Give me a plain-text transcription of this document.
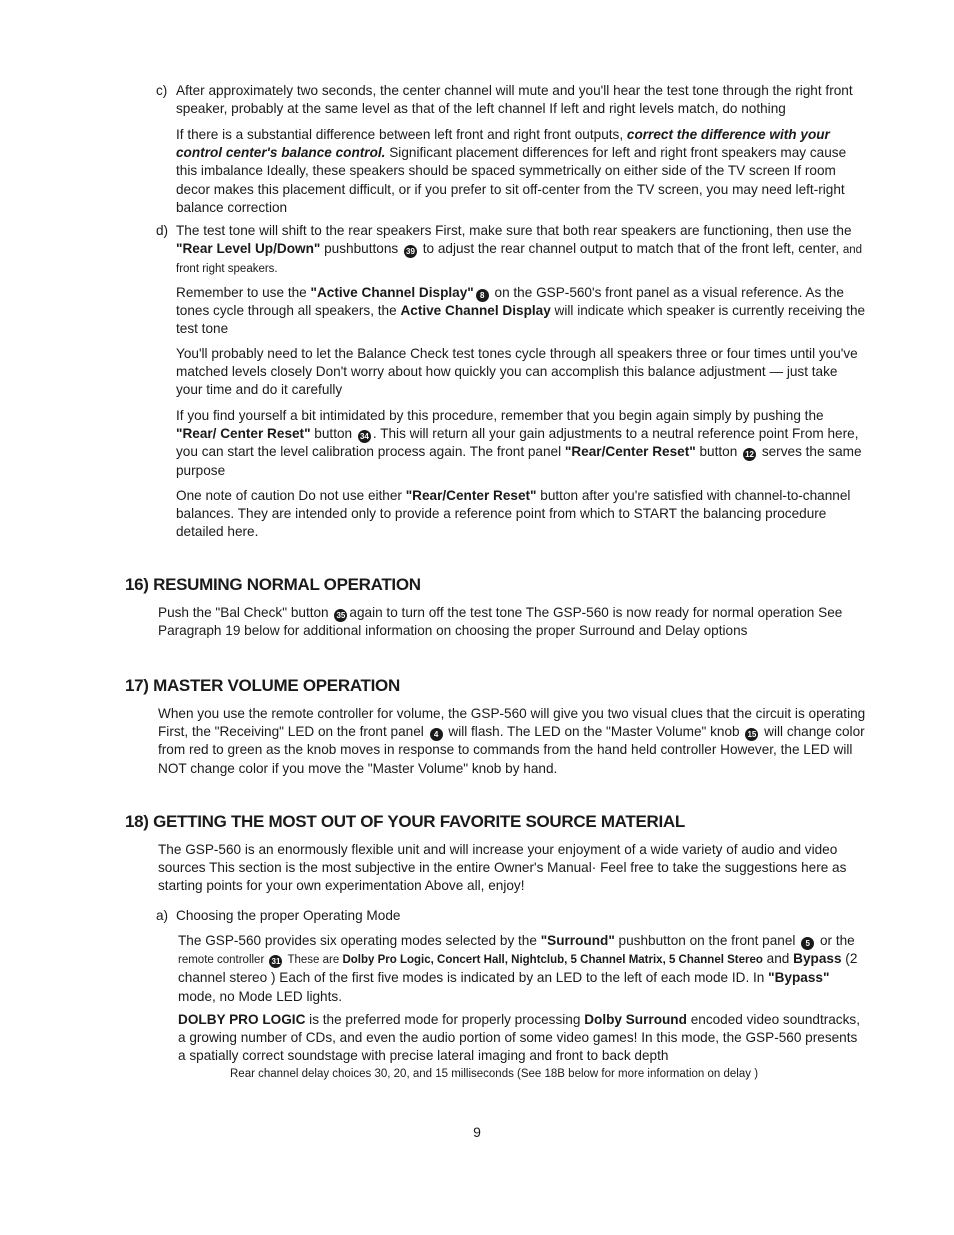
c) After approximately two seconds, the center channel will mute and you'll hear the test tone through the right front speaker, probably at the same level as that of the left channel If left and right levels match, do nothing

If there is a substantial difference between left front and right front outputs, correct the difference with your control center's balance control. Significant placement differences for left and right front speakers may cause this imbalance Ideally, these speakers should be spaced symmetrically on either side of the TV screen If room decor makes this placement difficult, or if you prefer to sit off-center from the TV screen, you may need left-right balance correction

d) The test tone will shift to the rear speakers First, make sure that both rear speakers are functioning, then use the "Rear Level Up/Down" pushbuttons 39 to adjust the rear channel output to match that of the front left, center, and front right speakers.

Remember to use the "Active Channel Display" 8 on the GSP-560's front panel as a visual reference. As the tones cycle through all speakers, the Active Channel Display will indicate which speaker is currently receiving the test tone

You'll probably need to let the Balance Check test tones cycle through all speakers three or four times until you've matched levels closely Don't worry about how quickly you can accomplish this balance adjustment — just take your time and do it carefully

If you find yourself a bit intimidated by this procedure, remember that you begin again simply by pushing the "Rear/ Center Reset" button 34 . This will return all your gain adjustments to a neutral reference point From here, you can start the level calibration process again. The front panel "Rear/Center Reset" button 12 serves the same purpose

One note of caution Do not use either "Rear/Center Reset" button after you're satisfied with channel-to-channel balances. They are intended only to provide a reference point from which to START the balancing procedure detailed here.

16) RESUMING NORMAL OPERATION

Push the "Bal Check" button 35 again to turn off the test tone The GSP-560 is now ready for normal operation See Paragraph 19 below for additional information on choosing the proper Surround and Delay options

17) MASTER VOLUME OPERATION

When you use the remote controller for volume, the GSP-560 will give you two visual clues that the circuit is operating First, the "Receiving" LED on the front panel 4 will flash. The LED on the "Master Volume" knob 15 will change color from red to green as the knob moves in response to commands from the hand held controller However, the LED will NOT change color if you move the "Master Volume" knob by hand.

18) GETTING THE MOST OUT OF YOUR FAVORITE SOURCE MATERIAL

The GSP-560 is an enormously flexible unit and will increase your enjoyment of a wide variety of audio and video sources This section is the most subjective in the entire Owner's Manual· Feel free to take the suggestions here as starting points for your own experimentation Above all, enjoy!

a) Choosing the proper Operating Mode

The GSP-560 provides six operating modes selected by the "Surround" pushbutton on the front panel 5 or the remote controller 31 These are Dolby Pro Logic, Concert Hall, Nightclub, 5 Channel Matrix, 5 Channel Stereo and Bypass (2 channel stereo ) Each of the first five modes is indicated by an LED to the left of each mode ID. In "Bypass" mode, no Mode LED lights.

DOLBY PRO LOGIC is the preferred mode for properly processing Dolby Surround encoded video soundtracks, a growing number of CDs, and even the audio portion of some video games! In this mode, the GSP-560 presents a spatially correct soundstage with precise lateral imaging and front to back depth

Rear channel delay choices 30, 20, and 15 milliseconds (See 18B below for more information on delay )

9
